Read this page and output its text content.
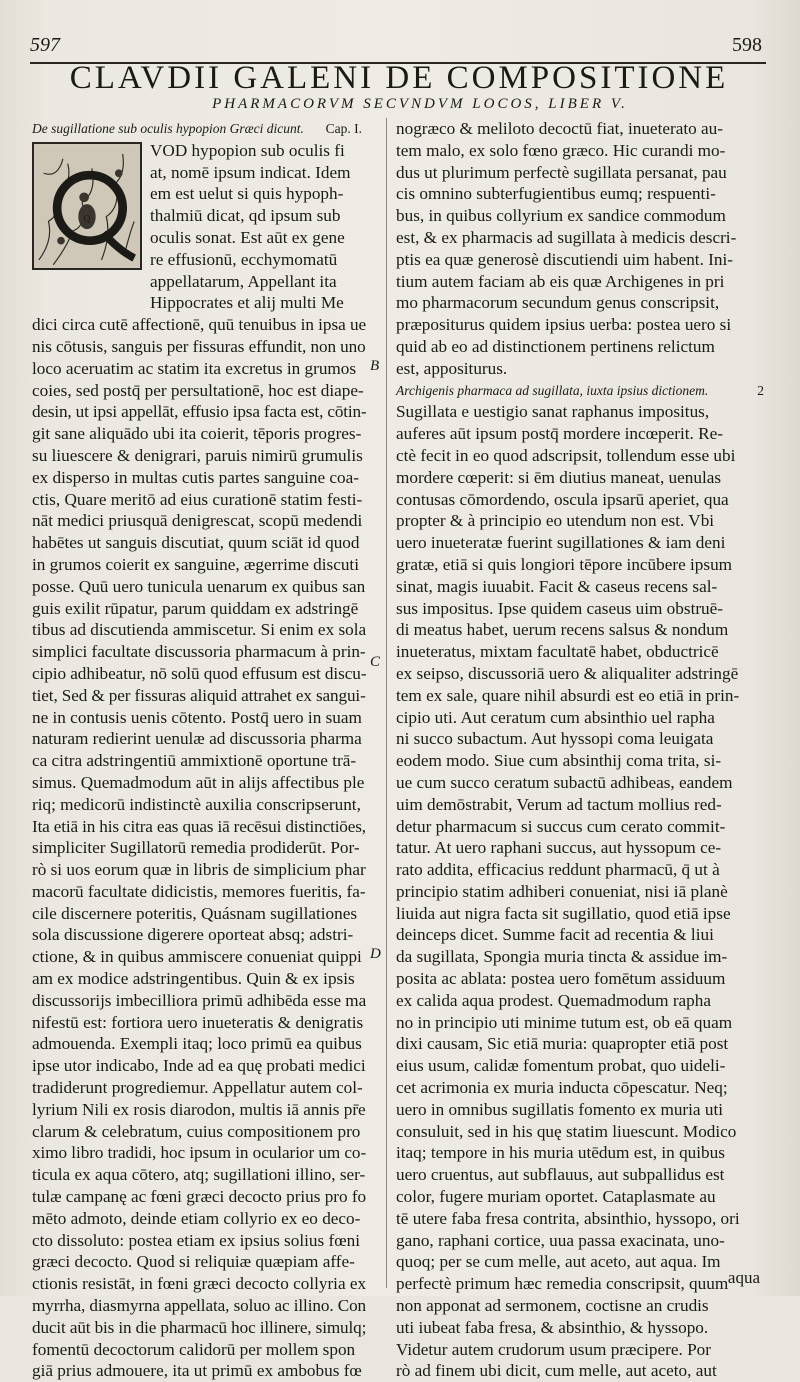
597	598
CLAVDII GALENI DE COMPOSITIONE
PHARMACORVM SECVNDVM LOCOS, LIBER V.
De sugillatione sub oculis hypopion Græci dicunt. Cap. I.
VOD hypopion sub oculis fi
at, nomē ipsum indicat. Idem
em est uelut si quis hypoph-
thalmiū dicat, qd ipsum sub
oculis sonat. Est aūt ex gene
re effusionū, ecchymomatū
appellatarum, Appellant ita
Hippocrates et alij multi Me
dici circa cutē affectionē, quū tenuibus in ipsa ue
nis cōtusis, sanguis per fissuras effundit, non uno
loco aceruatim ac statim ita excretus in grumos
coies, sed postq̄ per persultationē, hoc est diape-
desin, ut ipsi appellāt, effusio ipsa facta est, cōtin-
git sane aliquādo ubi ita coierit, tēporis progres-
su liuescere & denigrari, paruis nimirū grumulis
ex disperso in multas cutis partes sanguine coa-
ctis, Quare meritō ad eius curationē statim festi-
nāt medici priusquā denigrescat, scopū medendi
habētes ut sanguis discutiat, quum sciāt id quod
in grumos coierit ex sanguine, ægerrime discuti
posse. Quū uero tunicula uenarum ex quibus san
guis exilit rūpatur, parum quiddam ex adstringē
tibus ad discutienda ammiscetur. Si enim ex sola
simplici facultate discussoria pharmacum à prin-
cipio adhibeatur, nō solū quod effusum est discu-
tiet, Sed & per fissuras aliquid attrahet ex sangui-
ne in contusis uenis cōtento. Postq̄ uero in suam
naturam redierint uenulæ ad discussoria pharma
ca citra adstringentiū ammixtionē oportune trā-
simus. Quemadmodum aūt in alijs affectibus ple
riq; medicorū indistinctè auxilia conscripserunt,
Ita etiā in his citra eas quas iā recēsui distinctiōes,
simpliciter Sugillatorū remedia prodiderūt. Por-
rò si uos eorum quæ in libris de simplicium phar
macorū facultate didicistis, memores fueritis, fa-
cile discernere poteritis, Quásnam sugillationes
sola discussione digerere oporteat absq; adstri-
ctione, & in quibus ammiscere conueniat quippi
am ex modice adstringentibus. Quin & ex ipsis
discussorijs imbecilliora primū adhibēda esse ma
nifestū est: fortiora uero inueteratis & denigratis
admouenda. Exempli itaq; loco primū ea quibus
ipse utor indicabo, Inde ad ea quę probati medici
tradiderunt progrediemur. Appellatur autem col-
lyrium Nili ex rosis diarodon, multis iā annis pr̄e
clarum & celebratum, cuius compositionem pro
ximo libro tradidi, hoc ipsum in ocularior um co-
ticula ex aqua cōtero, atq; sugillationi illino, ser-
tulæ campanę ac fœni græci decocto prius pro fo
mēto admoto, deinde etiam collyrio ex eo deco-
cto dissoluto: postea etiam ex ipsius solius fœni
græci decocto. Quod si reliquiæ quæpiam affe-
ctionis resistāt, in fœni græci decocto collyria ex
myrrha, diasmyrna appellata, soluo ac illino. Con
ducit aūt bis in die pharmacū hoc illinere, simulq;
fomentū decoctorum calidorū per mollem spon
giā prius admouere, ita ut primū ex ambobus fœ
Q
B
C
D
nogræco & meliloto decoctū fiat, inueterato au-
tem malo, ex solo fœno græco. Hic curandi mo-
dus ut plurimum perfectè sugillata persanat, pau
cis omnino subterfugientibus eumq; respuenti-
bus, in quibus collyrium ex sandice commodum
est, & ex pharmacis ad sugillata à medicis descri-
ptis ea quæ generosè discutiendi uim habent. Ini-
tium autem faciam ab eis quæ Archigenes in pri
mo pharmacorum secundum genus conscripsit,
præpositurus quidem ipsius uerba: postea uero si
quid ab eo ad distinctionem pertinens relictum
est, appositurus.
Archigenis pharmaca ad sugillata, iuxta ipsius dictionem.	2
Sugillata e uestigio sanat raphanus impositus,
auferes aūt ipsum postq̄ mordere incœperit. Re-
ctè fecit in eo quod adscripsit, tollendum esse ubi
mordere cœperit: si ēm diutius maneat, uenulas
contusas cōmordendo, oscula ipsarū aperiet, qua
propter & à principio eo utendum non est. Vbi
uero inueteratæ fuerint sugillationes & iam deni
gratæ, etiā si quis longiori tēpore incūbere ipsum
sinat, magis iuuabit. Facit & caseus recens sal-
sus impositus. Ipse quidem caseus uim obstruē-
di meatus habet, uerum recens salsus & nondum
inueteratus, mixtam facultatē habet, obductricē
ex seipso, discussoriā uero & aliqualiter adstringē
tem ex sale, quare nihil absurdi est eo etiā in prin-
cipio uti. Aut ceratum cum absinthio uel rapha
ni succo subactum. Aut hyssopi coma leuigata
eodem modo. Siue cum absinthij coma trita, si-
ue cum succo ceratum subactū adhibeas, eandem
uim demōstrabit, Verum ad tactum mollius red-
detur pharmacum si succus cum cerato commit-
tatur. At uero raphani succus, aut hyssopum ce-
rato addita, efficacius reddunt pharmacū, q̄ ut à
principio statim adhiberi conueniat, nisi iā planè
liuida aut nigra facta sit sugillatio, quod etiā ipse
deinceps dicet. Summe facit ad recentia & liui
da sugillata, Spongia muria tincta & assidue im-
posita ac ablata: postea uero fomētum assiduum
ex calida aqua prodest. Quemadmodum rapha
no in principio uti minime tutum est, ob eā quam
dixi causam, Sic etiā muria: quapropter etiā post
eius usum, calidæ fomentum probat, quo uideli-
cet acrimonia ex muria inducta cōpescatur. Neq;
uero in omnibus sugillatis fomento ex muria uti
consuluit, sed in his quę statim liuescunt. Modico
itaq; tempore in his muria utēdum est, in quibus
uero cruentus, aut subflauus, aut subpallidus est
color, fugere muriam oportet. Cataplasmate au
tē utere faba fresa contrita, absinthio, hyssopo, ori
gano, raphani cortice, uua passa exacinata, uno-
quoq; per se cum melle, aut aceto, aut aqua. Im
perfectè primum hæc remedia conscripsit, quum
non apponat ad sermonem, coctisne an crudis
uti iubeat faba fresa, & absinthio, & hyssopo.
Videtur autem crudorum usum præcipere. Por
rò ad finem ubi dicit, cum melle, aut aceto, aut
aqua
